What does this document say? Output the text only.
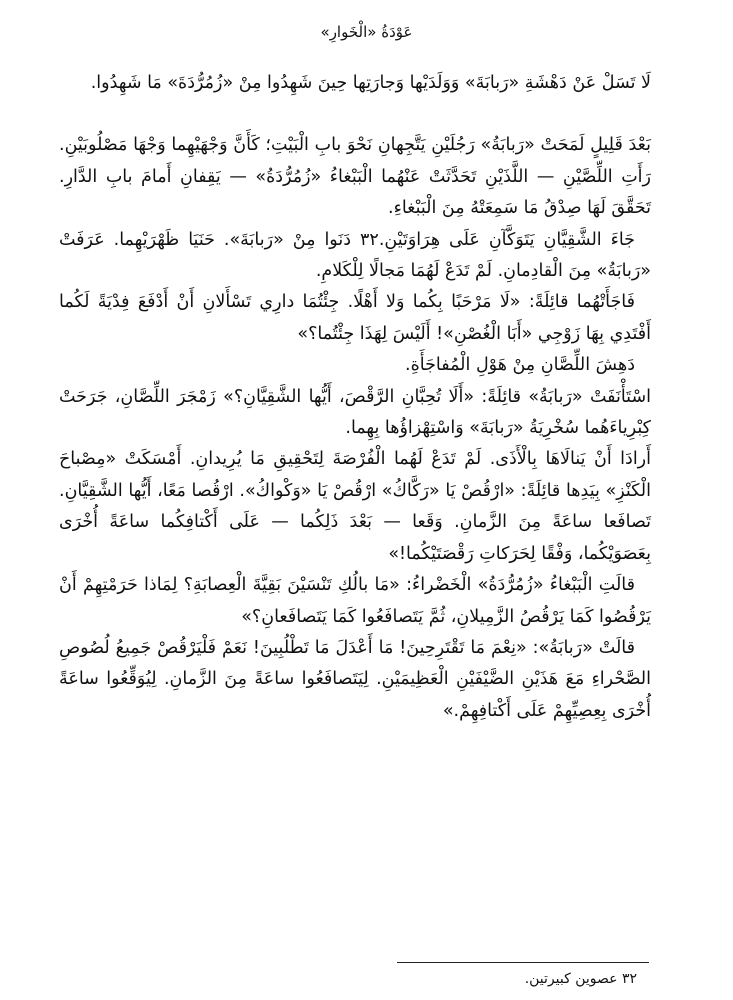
عَوْدَةُ «الْخَوارِ»

لَا تَسَلْ عَنْ دَهْشَةِ «رَبابَةَ» وَوَلَدَيْها وَجارَتِها حِينَ شَهِدُوا مِنْ «زُمُرُّدَةَ» مَا شَهِدُوا.

بَعْدَ قَلِيلٍ لَمَحَتْ «رَبابَةُ» رَجُلَيْنِ يَتَّجِهانِ نَحْوَ بابِ الْبَيْتِ؛ كَأَنَّ وَجْهَيْهِما وَجْهَا مَصْلُوبَيْنِ. رَأَتِ اللِّصَّيْنِ — اللَّذَيْنِ تَحَدَّثَتْ عَنْهُما الْبَبْغاءُ «زُمُرُّدَةُ» — يَقِفانِ أَمامَ بابِ الدَّارِ. تَحَقَّقَ لَهَا صِدْقُ مَا سَمِعَتْهُ مِنَ الْبَبْغاءِ.

جَاءَ الشَّقِيَّانِ يَتَوَكَّآنِ عَلَى هِرَاوَتَيْنِ.٣٢ دَنَوا مِنْ «رَبابَةَ». حَنَيَا ظَهْرَيْهِما. عَرَفَتْ «رَبابَةُ» مِنَ الْقادِمانِ. لَمْ تَدَعْ لَهُمَا مَجالًا لِلْكَلامِ.

فَاجَأَتْهُما قائِلَةً: «لَا مَرْحَبًا بِكُما وَلا أَهْلًا. جِئْتُمَا دارِي تَسْأَلانِ أَنْ أَدْفَعَ فِدْيَةً لَكُما أَفْتَدِي بِهَا زَوْجِي «أَبَا الْغُصْنِ»! أَلَيْسَ لِهَذَا جِئْتُما؟»

دَهِشَ اللِّصَّانِ مِنْ هَوْلِ الْمُفاجَأَةِ.

اسْتَأْنَفَتْ «رَبابَةُ» قائِلَةً: «أَلَا تُحِبَّانِ الرَّقْصَ، أَيُّها الشَّقِيَّانِ؟» زَمْجَرَ اللِّصَّانِ، جَرَحَتْ كِبْرِياءَهُما سُخْرِيَةُ «رَبابَةَ» وَاسْتِهْزاؤُها بِهِما.

أَرادَا أَنْ يَنالَاهَا بِالْأَذَى. لَمْ تَدَعْ لَهُما الْفُرْصَةَ لِتَحْقِيقِ مَا يُرِيدانِ. أَمْسَكَتْ «مِصْباحَ الْكَنْزِ» بِيَدِها قائِلَةً: «ارْقُصْ يَا «رَكَّاكُ» ارْقُصْ يَا «وَكْواكُ». ارْقُصا مَعًا، أَيُّها الشَّقِيَّانِ. تَصافَعا ساعَةً مِنَ الزَّمانِ. وَقَعا — بَعْدَ ذَلِكُما — عَلَى أَكْتافِكُما ساعَةً أُخْرَى بِعَصَوَيْكُما، وَفْقًا لِحَرَكاتِ رَقْصَتَيْكُما!»

قالَتِ الْبَبْغاءُ «زُمُرُّدَةُ» الْخَضْراءُ: «مَا بالُكِ تَنْسَيْنَ بَقِيَّةَ الْعِصابَةِ؟ لِمَاذا حَرَمْتِهِمْ أَنْ يَرْقُصُوا كَمَا يَرْقُصُ الزَّمِيلانِ، ثُمَّ يَتَصافَعُوا كَمَا يَتَصافَعانِ؟»

قالَتْ «رَبابَةُ»: «نِعْمَ مَا تَقْتَرِحِينَ! مَا أَعْدَلَ مَا تَطْلُبِينَ! نَعَمْ فَلْيَرْقُصْ جَمِيعُ لُصُوصِ الصَّحْراءِ مَعَ هَذَيْنِ الضَّيْفَيْنِ الْعَظِيمَيْنِ. لِيَتَصافَعُوا ساعَةً مِنَ الزَّمانِ. لِيُوَقِّعُوا ساعَةً أُخْرَى بِعِصِيِّهِمْ عَلَى أَكْتافِهِمْ.»

٣٢ عصوين كبيرتين.
